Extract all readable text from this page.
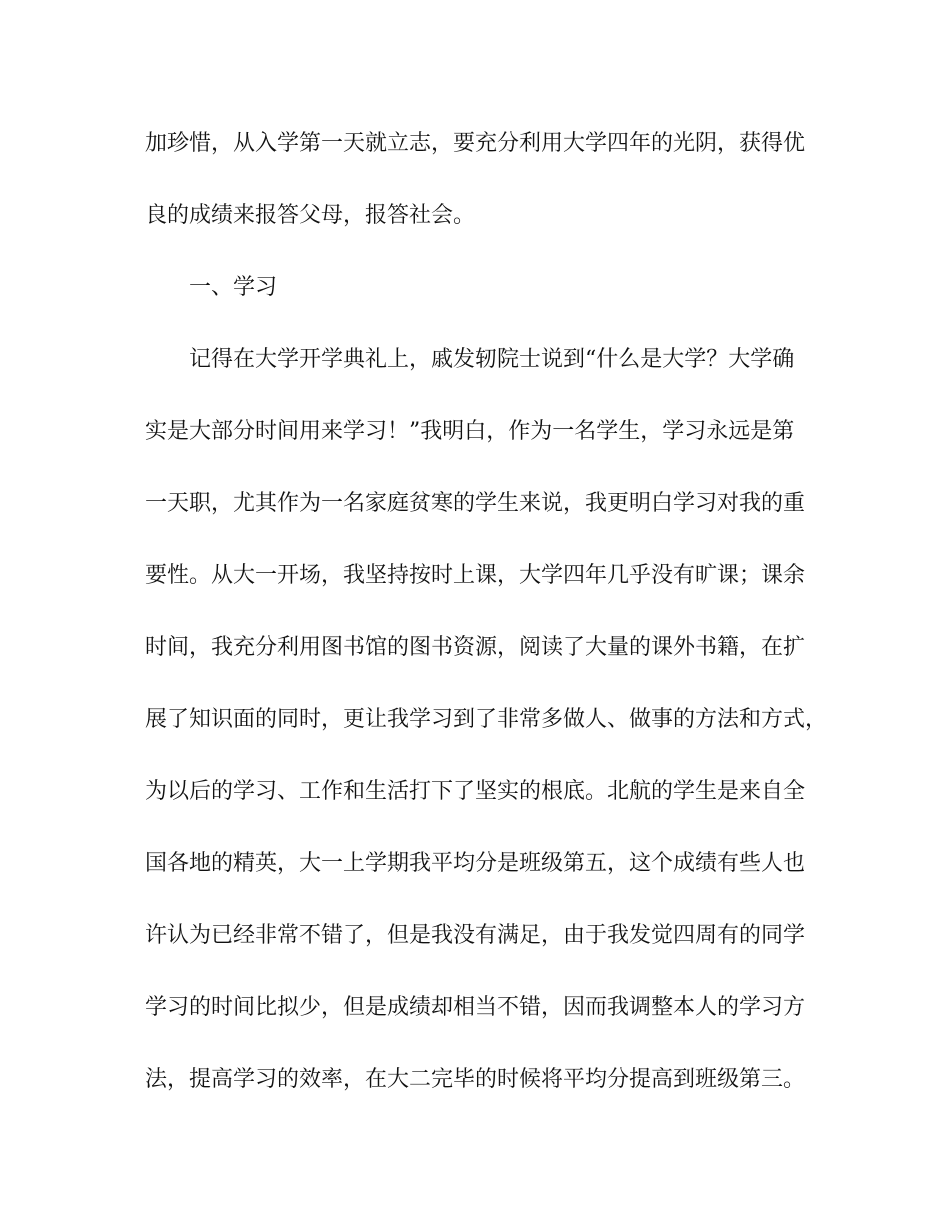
加珍惜，从入学第一天就立志，要充分利用大学四年的光阴，获得优
良的成绩来报答父母，报答社会。
一、学习
记得在大学开学典礼上，戚发轫院士说到“什么是大学？大学确
实是大部分时间用来学习！”我明白，作为一名学生，学习永远是第
一天职，尤其作为一名家庭贫寒的学生来说，我更明白学习对我的重
要性。从大一开场，我坚持按时上课，大学四年几乎没有旷课；课余
时间，我充分利用图书馆的图书资源，阅读了大量的课外书籍，在扩
展了知识面的同时，更让我学习到了非常多做人、做事的方法和方式，
为以后的学习、工作和生活打下了坚实的根底。北航的学生是来自全
国各地的精英，大一上学期我平均分是班级第五，这个成绩有些人也
许认为已经非常不错了，但是我没有满足，由于我发觉四周有的同学
学习的时间比拟少，但是成绩却相当不错，因而我调整本人的学习方
法，提高学习的效率，在大二完毕的时候将平均分提高到班级第三。
